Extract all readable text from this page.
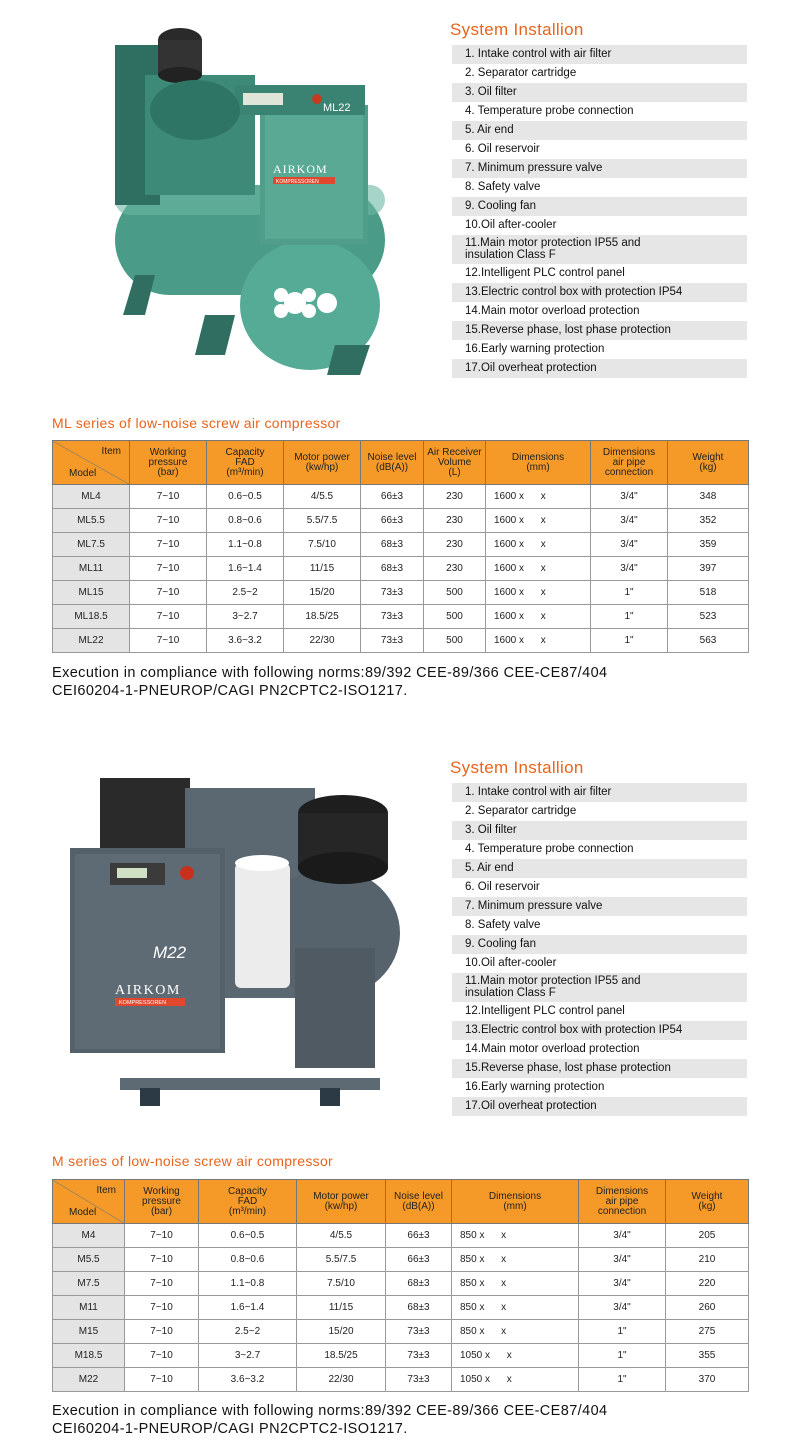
ML22
AIRKOM
KOMPRESSOREN
System Installion
1. Intake control with air filter
2. Separator cartridge
3. Oil filter
4. Temperature probe connection
5. Air end
6. Oil reservoir
7. Minimum pressure valve
8. Safety valve
9. Cooling fan
10.Oil after-cooler
11.Main motor protection IP55 and
insulation Class F
12.Intelligent PLC control panel
13.Electric control box with protection IP54
14.Main motor overload protection
15.Reverse phase, lost phase protection
16.Early warning protection
17.Oil overheat protection
ML series of low-noise screw air compressor
Item
Model	Working
pressure
(bar)	Capacity
FAD
(m³/min)	Motor power
(kw/hp)	Noise level
(dB(A))	Air Receiver
Volume
(L)	Dimensions
(mm)	Dimensions
air pipe
connection	Weight
(kg)
ML4	7~10	0.6~0.5	4/5.5	66±3	230	1600 x      x	3/4"	348
ML5.5	7~10	0.8~0.6	5.5/7.5	66±3	230	1600 x      x	3/4"	352
ML7.5	7~10	1.1~0.8	7.5/10	68±3	230	1600 x      x	3/4"	359
ML11	7~10	1.6~1.4	11/15	68±3	230	1600 x      x	3/4"	397
ML15	7~10	2.5~2	15/20	73±3	500	1600 x      x	1"	518
ML18.5	7~10	3~2.7	18.5/25	73±3	500	1600 x      x	1"	523
ML22	7~10	3.6~3.2	22/30	73±3	500	1600 x      x	1"	563
Execution in compliance with following norms:89/392 CEE-89/366 CEE-CE87/404
CEI60204-1-PNEUROP/CAGI PN2CPTC2-ISO1217.
M22
AIRKOM
KOMPRESSOREN
System Installion
1. Intake control with air filter
2. Separator cartridge
3. Oil filter
4. Temperature probe connection
5. Air end
6. Oil reservoir
7. Minimum pressure valve
8. Safety valve
9. Cooling fan
10.Oil after-cooler
11.Main motor protection IP55 and
insulation Class F
12.Intelligent PLC control panel
13.Electric control box with protection IP54
14.Main motor overload protection
15.Reverse phase, lost phase protection
16.Early warning protection
17.Oil overheat protection
M series of low-noise screw air compressor
Item
Model	Working
pressure
(bar)	Capacity
FAD
(m³/min)	Motor power
(kw/hp)	Noise level
(dB(A))	Dimensions
(mm)	Dimensions
air pipe
connection	Weight
(kg)
M4	7~10	0.6~0.5	4/5.5	66±3	850 x      x	3/4"	205
M5.5	7~10	0.8~0.6	5.5/7.5	66±3	850 x      x	3/4"	210
M7.5	7~10	1.1~0.8	7.5/10	68±3	850 x      x	3/4"	220
M11	7~10	1.6~1.4	11/15	68±3	850 x      x	3/4"	260
M15	7~10	2.5~2	15/20	73±3	850 x      x	1"	275
M18.5	7~10	3~2.7	18.5/25	73±3	1050 x      x	1"	355
M22	7~10	3.6~3.2	22/30	73±3	1050 x      x	1"	370
Execution in compliance with following norms:89/392 CEE-89/366 CEE-CE87/404
CEI60204-1-PNEUROP/CAGI PN2CPTC2-ISO1217.
